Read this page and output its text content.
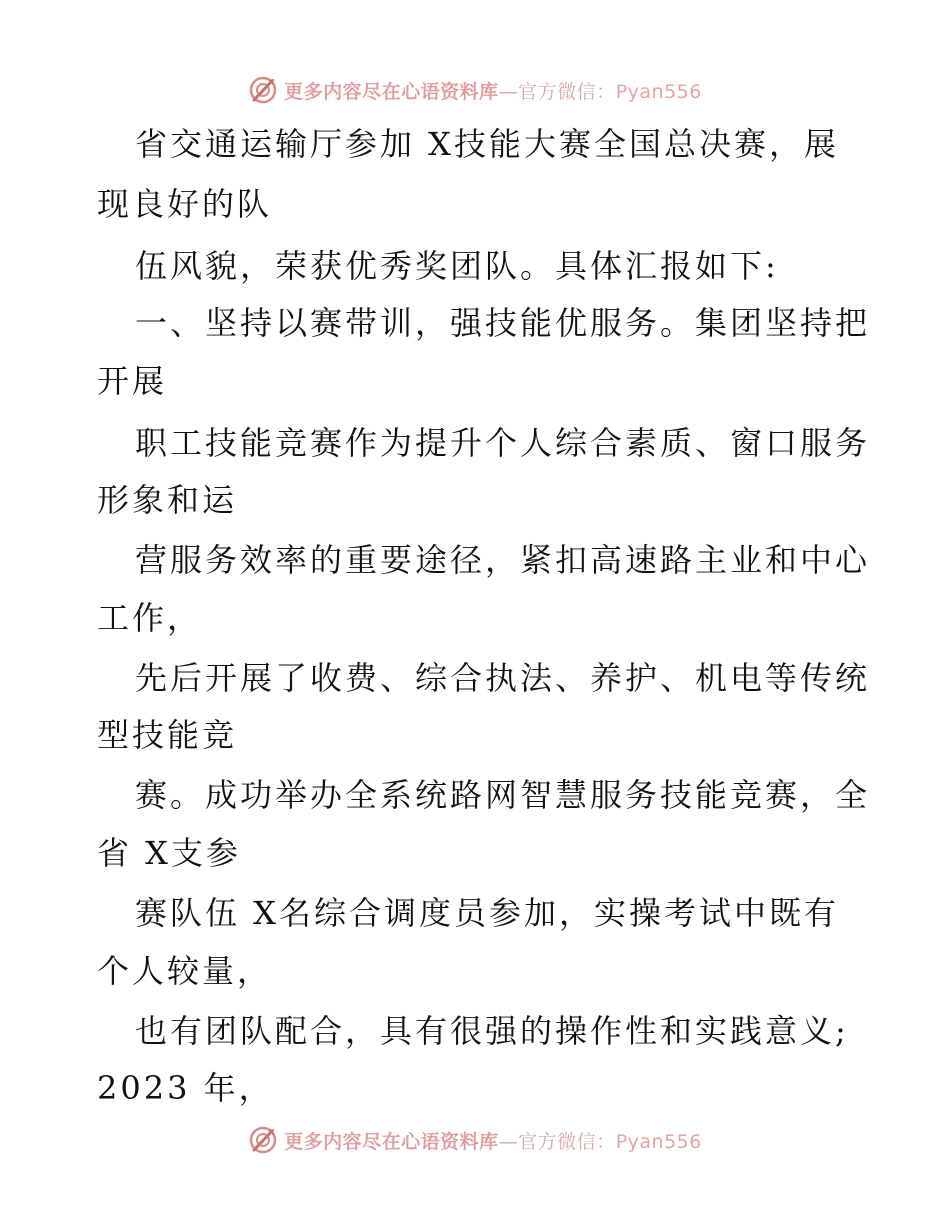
更多内容尽在心语资料库—官方微信：Pyan556
省交通运输厅参加 X技能大赛全国总决赛，展
现良好的队
伍风貌，荣获优秀奖团队。具体汇报如下:
一、坚持以赛带训，强技能优服务。集团坚持把
开展
职工技能竞赛作为提升个人综合素质、窗口服务
形象和运
营服务效率的重要途径，紧扣高速路主业和中心
工作，
先后开展了收费、综合执法、养护、机电等传统
型技能竞
赛。成功举办全系统路网智慧服务技能竞赛，全
省 X支参
赛队伍 X名综合调度员参加，实操考试中既有
个人较量，
也有团队配合，具有很强的操作性和实践意义;
2023 年，
更多内容尽在心语资料库—官方微信：Pyan556
